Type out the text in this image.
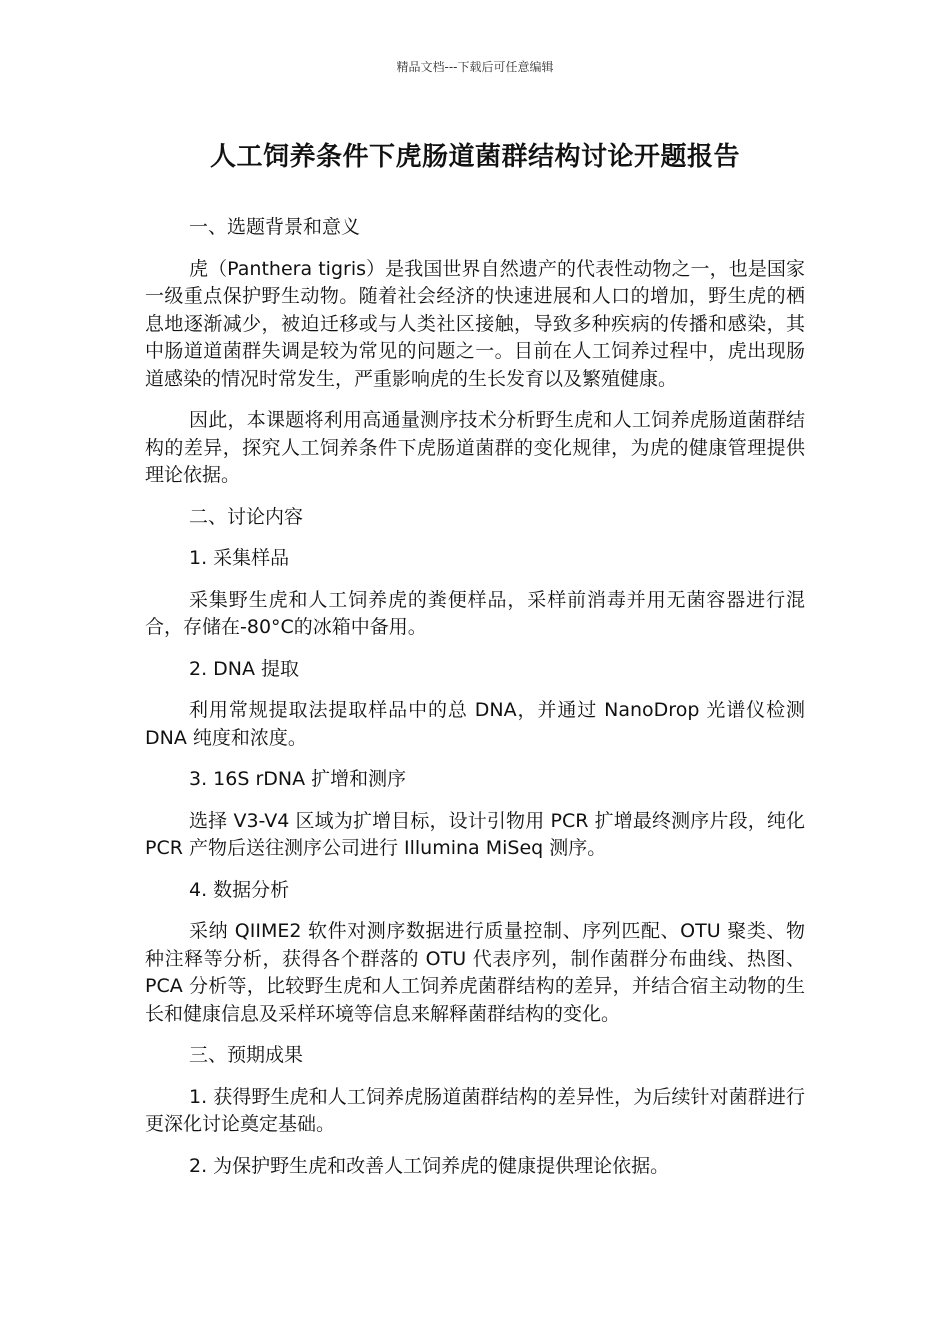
精品文档---下载后可任意编辑
人工饲养条件下虎肠道菌群结构讨论开题报告

一、选题背景和意义

虎（Panthera tigris）是我国世界自然遗产的代表性动物之一，也是国家一级重点保护野生动物。随着社会经济的快速进展和人口的增加，野生虎的栖息地逐渐减少，被迫迁移或与人类社区接触，导致多种疾病的传播和感染，其中肠道道菌群失调是较为常见的问题之一。目前在人工饲养过程中，虎出现肠道感染的情况时常发生，严重影响虎的生长发育以及繁殖健康。

因此，本课题将利用高通量测序技术分析野生虎和人工饲养虎肠道菌群结构的差异，探究人工饲养条件下虎肠道菌群的变化规律，为虎的健康管理提供理论依据。

二、讨论内容

1. 采集样品

采集野生虎和人工饲养虎的粪便样品，采样前消毒并用无菌容器进行混合，存储在-80°C的冰箱中备用。

2. DNA 提取

利用常规提取法提取样品中的总 DNA，并通过 NanoDrop 光谱仪检测 DNA 纯度和浓度。

3. 16S rDNA 扩增和测序

选择 V3-V4 区域为扩增目标，设计引物用 PCR 扩增最终测序片段，纯化 PCR 产物后送往测序公司进行 Illumina MiSeq 测序。

4. 数据分析

采纳 QIIME2 软件对测序数据进行质量控制、序列匹配、OTU 聚类、物种注释等分析，获得各个群落的 OTU 代表序列，制作菌群分布曲线、热图、PCA 分析等，比较野生虎和人工饲养虎菌群结构的差异，并结合宿主动物的生长和健康信息及采样环境等信息来解释菌群结构的变化。

三、预期成果

1. 获得野生虎和人工饲养虎肠道菌群结构的差异性，为后续针对菌群进行更深化讨论奠定基础。

2. 为保护野生虎和改善人工饲养虎的健康提供理论依据。
